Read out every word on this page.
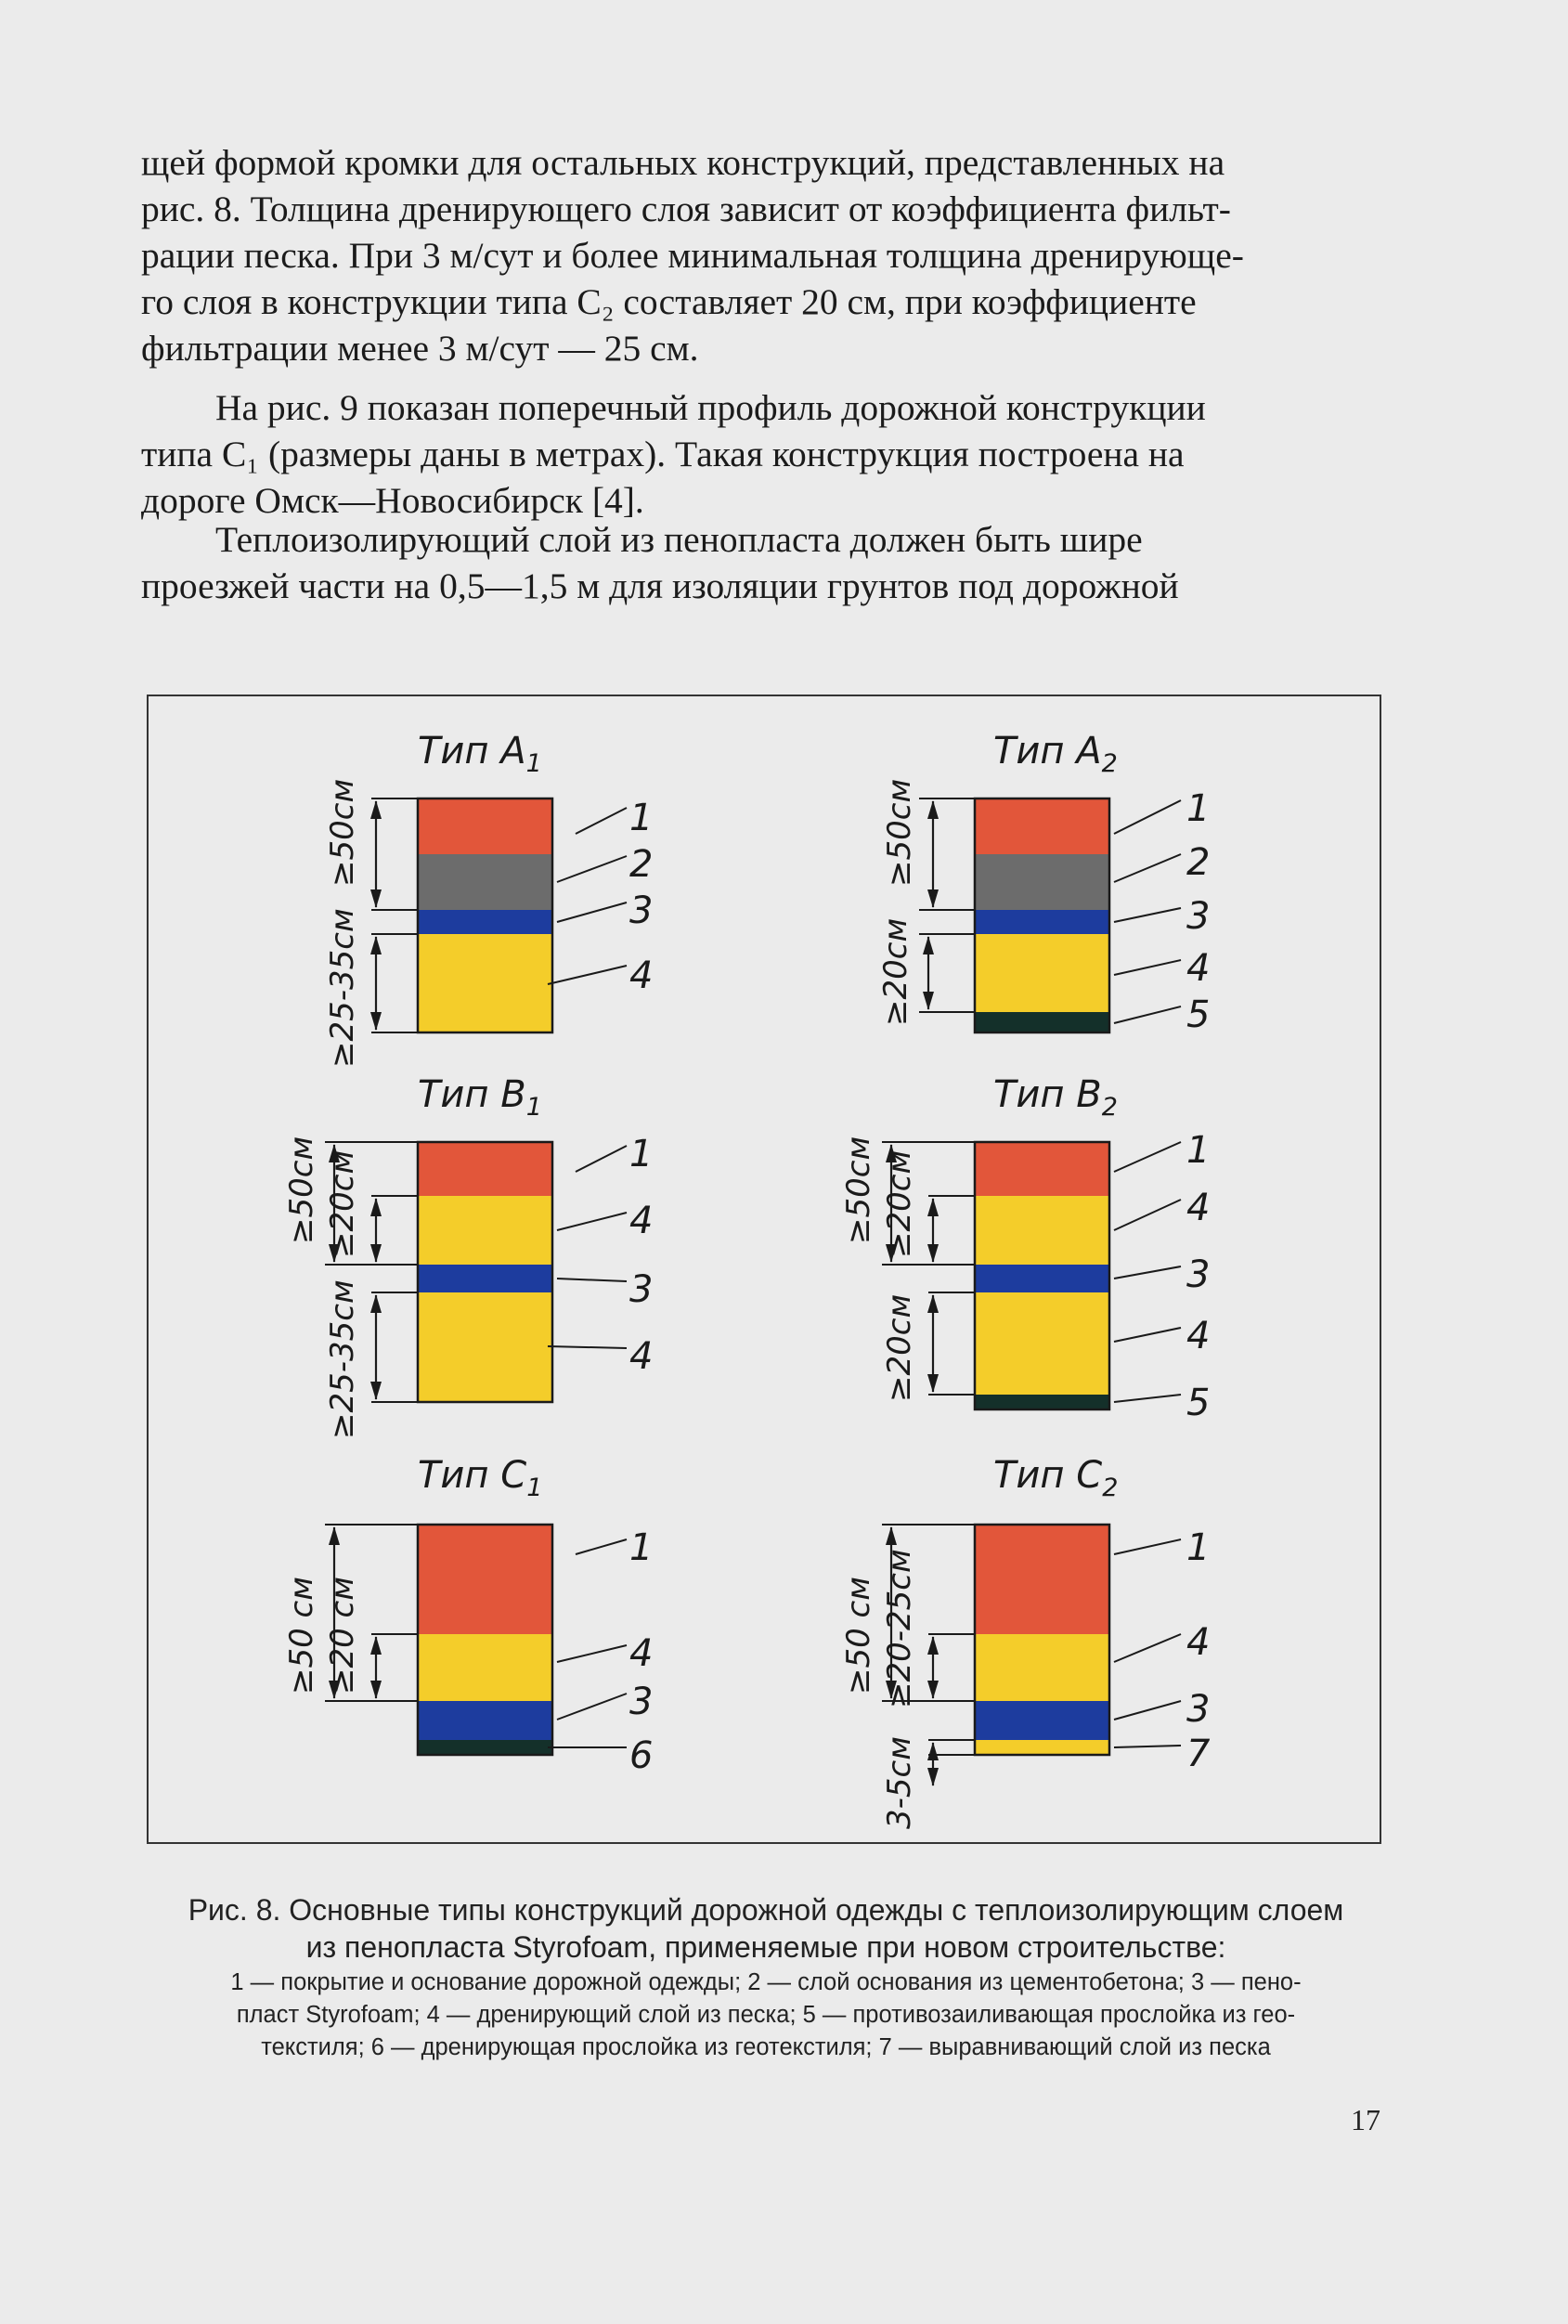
щей формой кромки для остальных конструкций, представленных на

рис. 8. Толщина дренирующего слоя зависит от коэффициента фильт-

рации песка. При 3 м/сут и более минимальная толщина дренирующе-

го слоя в конструкции типа C₂ составляет 20 см, при коэффициенте

фильтрации менее 3 м/сут — 25 см.

На рис. 9 показан поперечный профиль дорожной конструкции

типа C₁ (размеры даны в метрах). Такая конструкция построена на

дороге Омск—Новосибирск [4].

Теплоизолирующий слой из пенопласта должен быть шире

проезжей части на 0,5—1,5 м для изоляции грунтов под дорожной

Тип $A_1$
1
2
3
4
≥50см
≥25-35см
Тип $A_2$
1
2
3
4
5
≥50см
≥20см
Тип $B_1$
1
4
3
4
≥50см ≥20см
≥25-35см
Тип $B_2$
1
4
3
4
5
≥50см ≥20см
≥20см
Тип $C_1$
1
4
3
6
≥50 см ≥20 см
Тип $C_2$
1
4
3
7
≥50 см ≥20-25см
3-5см
Рис. 8. Основные типы конструкций дорожной одежды с теплоизолирующим слоем
из пенопласта Styrofoam, применяемые при новом строительстве:
1 — покрытие и основание дорожной одежды; 2 — слой основания из цементобетона; 3 — пено-
пласт Styrofoam; 4 — дренирующий слой из песка; 5 — противозаиливающая прослойка из гео-
текстиля; 6 — дренирующая прослойка из геотекстиля; 7 — выравнивающий слой из песка
17
